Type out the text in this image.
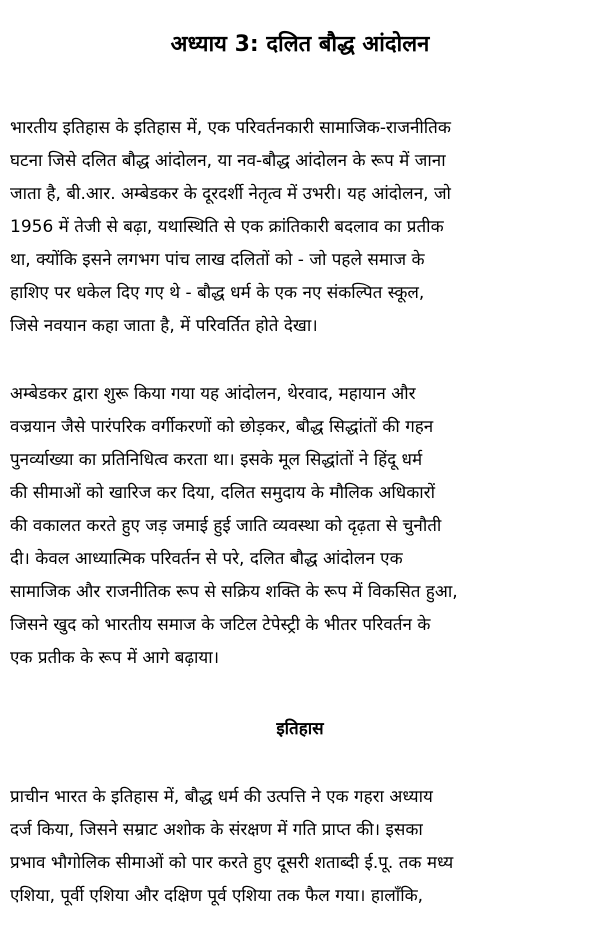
अध्याय 3: दलित बौद्ध आंदोलन

भारतीय इतिहास के इतिहास में, एक परिवर्तनकारी सामाजिक-राजनीतिक
घटना जिसे दलित बौद्ध आंदोलन, या नव-बौद्ध आंदोलन के रूप में जाना
जाता है, बी.आर. अम्बेडकर के दूरदर्शी नेतृत्व में उभरी। यह आंदोलन, जो
1956 में तेजी से बढ़ा, यथास्थिति से एक क्रांतिकारी बदलाव का प्रतीक
था, क्योंकि इसने लगभग पांच लाख दलितों को - जो पहले समाज के
हाशिए पर धकेल दिए गए थे - बौद्ध धर्म के एक नए संकल्पित स्कूल,
जिसे नवयान कहा जाता है, में परिवर्तित होते देखा।

अम्बेडकर द्वारा शुरू किया गया यह आंदोलन, थेरवाद, महायान और
वज्रयान जैसे पारंपरिक वर्गीकरणों को छोड़कर, बौद्ध सिद्धांतों की गहन
पुनर्व्याख्या का प्रतिनिधित्व करता था। इसके मूल सिद्धांतों ने हिंदू धर्म
की सीमाओं को खारिज कर दिया, दलित समुदाय के मौलिक अधिकारों
की वकालत करते हुए जड़ जमाई हुई जाति व्यवस्था को दृढ़ता से चुनौती
दी। केवल आध्यात्मिक परिवर्तन से परे, दलित बौद्ध आंदोलन एक
सामाजिक और राजनीतिक रूप से सक्रिय शक्ति के रूप में विकसित हुआ,
जिसने खुद को भारतीय समाज के जटिल टेपेस्ट्री के भीतर परिवर्तन के
एक प्रतीक के रूप में आगे बढ़ाया।

इतिहास

प्राचीन भारत के इतिहास में, बौद्ध धर्म की उत्पत्ति ने एक गहरा अध्याय
दर्ज किया, जिसने सम्राट अशोक के संरक्षण में गति प्राप्त की। इसका
प्रभाव भौगोलिक सीमाओं को पार करते हुए दूसरी शताब्दी ई.पू. तक मध्य
एशिया, पूर्वी एशिया और दक्षिण पूर्व एशिया तक फैल गया। हालाँकि,
